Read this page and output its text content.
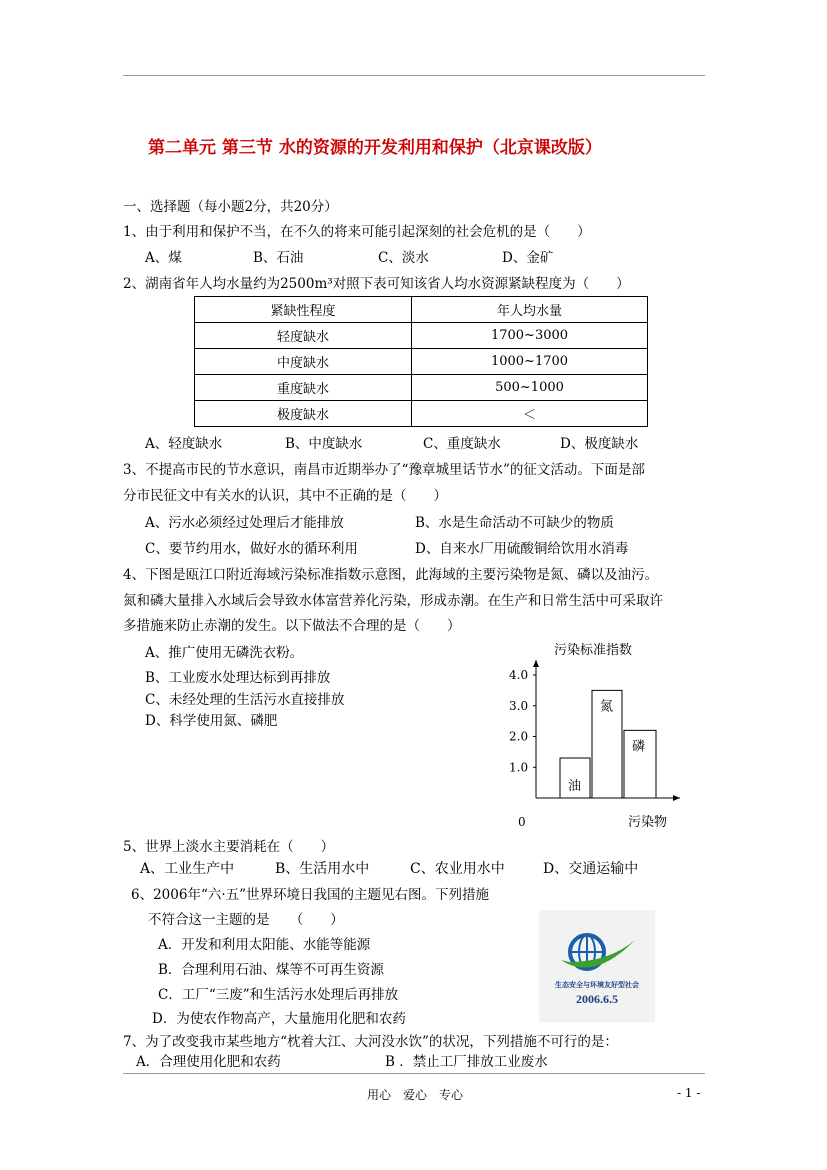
第二单元 第三节 水的资源的开发利用和保护（北京课改版）
一、选择题（每小题2分，共20分）
1、由于利用和保护不当，在不久的将来可能引起深刻的社会危机的是（　　）
A、煤	B、石油	C、淡水	D、金矿
2、湖南省年人均水量约为2500m³对照下表可知该省人均水资源紧缺程度为（　　）
紧缺性程度	年人均水量
轻度缺水	1700~3000
中度缺水	1000~1700
重度缺水	500~1000
极度缺水	＜
A、轻度缺水	B、中度缺水	C、重度缺水	D、极度缺水
3、不提高市民的节水意识，南昌市近期举办了“豫章城里话节水”的征文活动。下面是部
分市民征文中有关水的认识，其中不正确的是（　　）
A、污水必须经过处理后才能排放	B、水是生命活动不可缺少的物质
C、要节约用水，做好水的循环利用	D、自来水厂用硫酸铜给饮用水消毒
4、下图是瓯江口附近海域污染标准指数示意图，此海域的主要污染物是氮、磷以及油污。
氮和磷大量排入水域后会导致水体富营养化污染，形成赤潮。在生产和日常生活中可采取许
多措施来防止赤潮的发生。以下做法不合理的是（　　）
A、推广使用无磷洗衣粉。
B、工业废水处理达标到再排放
C、未经处理的生活污水直接排放
D、科学使用氮、磷肥
污染标准指数
污染物
0
1.0
2.0
3.0
4.0
油
氮
磷
5、世界上淡水主要消耗在（　　）
A、工业生产中	B、生活用水中	C、农业用水中	D、交通运输中
6、2006年“六·五”世界环境日我国的主题见右图。下列措施
不符合这一主题的是　　（　　）
A．开发和利用太阳能、水能等能源
B．合理利用石油、煤等不可再生资源
C．工厂“三废”和生活污水处理后再排放
D．为使农作物高产，大量施用化肥和农药
生态安全与环境友好型社会
2006.6.5
7、为了改变我市某些地方“枕着大江、大河没水饮”的状况，下列措施不可行的是：
A．合理使用化肥和农药	B ．禁止工厂排放工业废水
用心　爱心　专心	- 1 -
